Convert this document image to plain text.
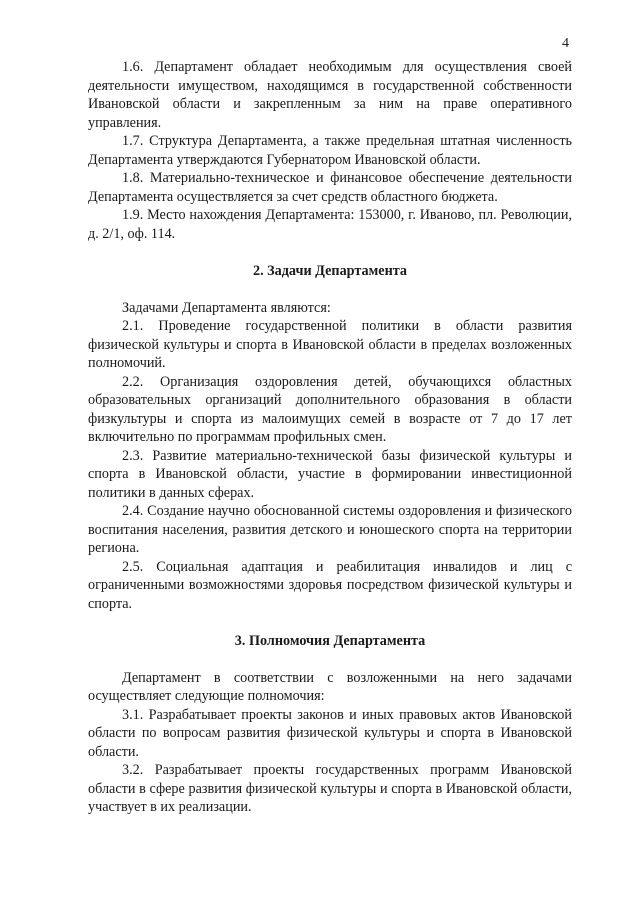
4

1.6. Департамент обладает необходимым для осуществления своей деятельности имуществом, находящимся в государственной собственности Ивановской области и закрепленным за ним на праве оперативного управления.

1.7. Структура Департамента, а также предельная штатная численность Департамента утверждаются Губернатором Ивановской области.

1.8. Материально-техническое и финансовое обеспечение деятельности Департамента осуществляется за счет средств областного бюджета.

1.9. Место нахождения Департамента: 153000, г. Иваново, пл. Революции, д. 2/1, оф. 114.

2. Задачи Департамента

Задачами Департамента являются:

2.1. Проведение государственной политики в области развития физической культуры и спорта в Ивановской области в пределах возложенных полномочий.

2.2. Организация оздоровления детей, обучающихся областных образовательных организаций дополнительного образования в области физкультуры и спорта из малоимущих семей в возрасте от 7 до 17 лет включительно по программам профильных смен.

2.3. Развитие материально-технической базы физической культуры и спорта в Ивановской области, участие в формировании инвестиционной политики в данных сферах.

2.4. Создание научно обоснованной системы оздоровления и физического воспитания населения, развития детского и юношеского спорта на территории региона.

2.5. Социальная адаптация и реабилитация инвалидов и лиц с ограниченными возможностями здоровья посредством физической культуры и спорта.

3. Полномочия Департамента

Департамент в соответствии с возложенными на него задачами осуществляет следующие полномочия:

3.1. Разрабатывает проекты законов и иных правовых актов Ивановской области по вопросам развития физической культуры и спорта в Ивановской области.

3.2. Разрабатывает проекты государственных программ Ивановской области в сфере развития физической культуры и спорта в Ивановской области, участвует в их реализации.
